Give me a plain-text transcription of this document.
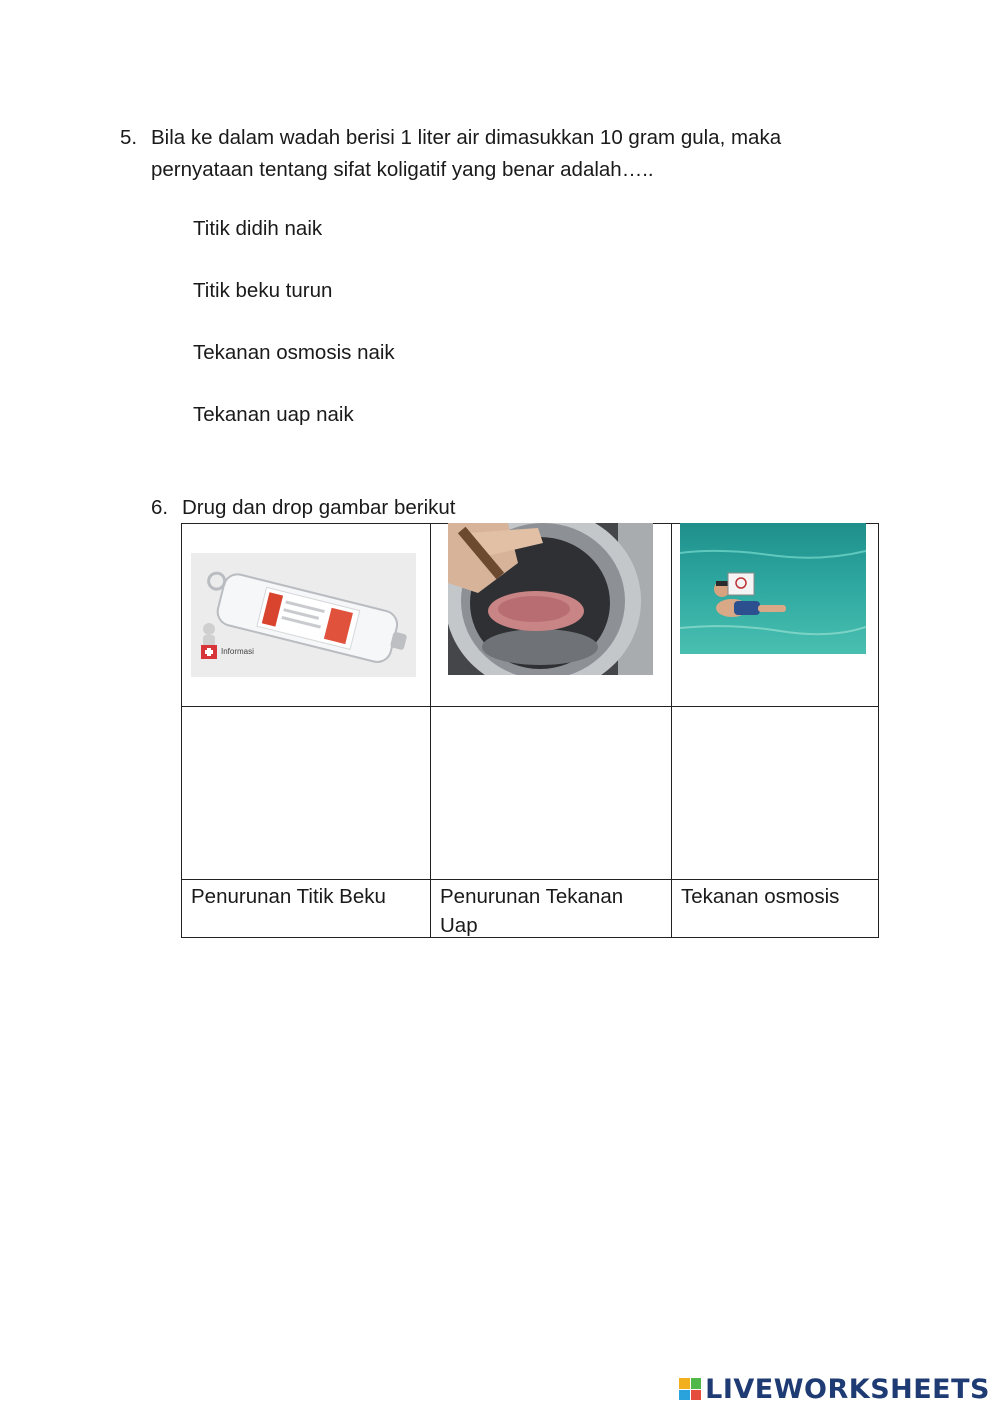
5. Bila ke dalam wadah berisi 1 liter air dimasukkan 10 gram gula, maka pernyataan tentang sifat koligatif yang benar adalah…..
Titik didih naik
Titik beku turun
Tekanan osmosis naik
Tekanan uap naik
6. Drug dan drop gambar berikut
Penurunan Titik Beku	Penurunan Tekanan Uap
Tekanan osmosis
Informasi
LIVEWORKSHEETS
